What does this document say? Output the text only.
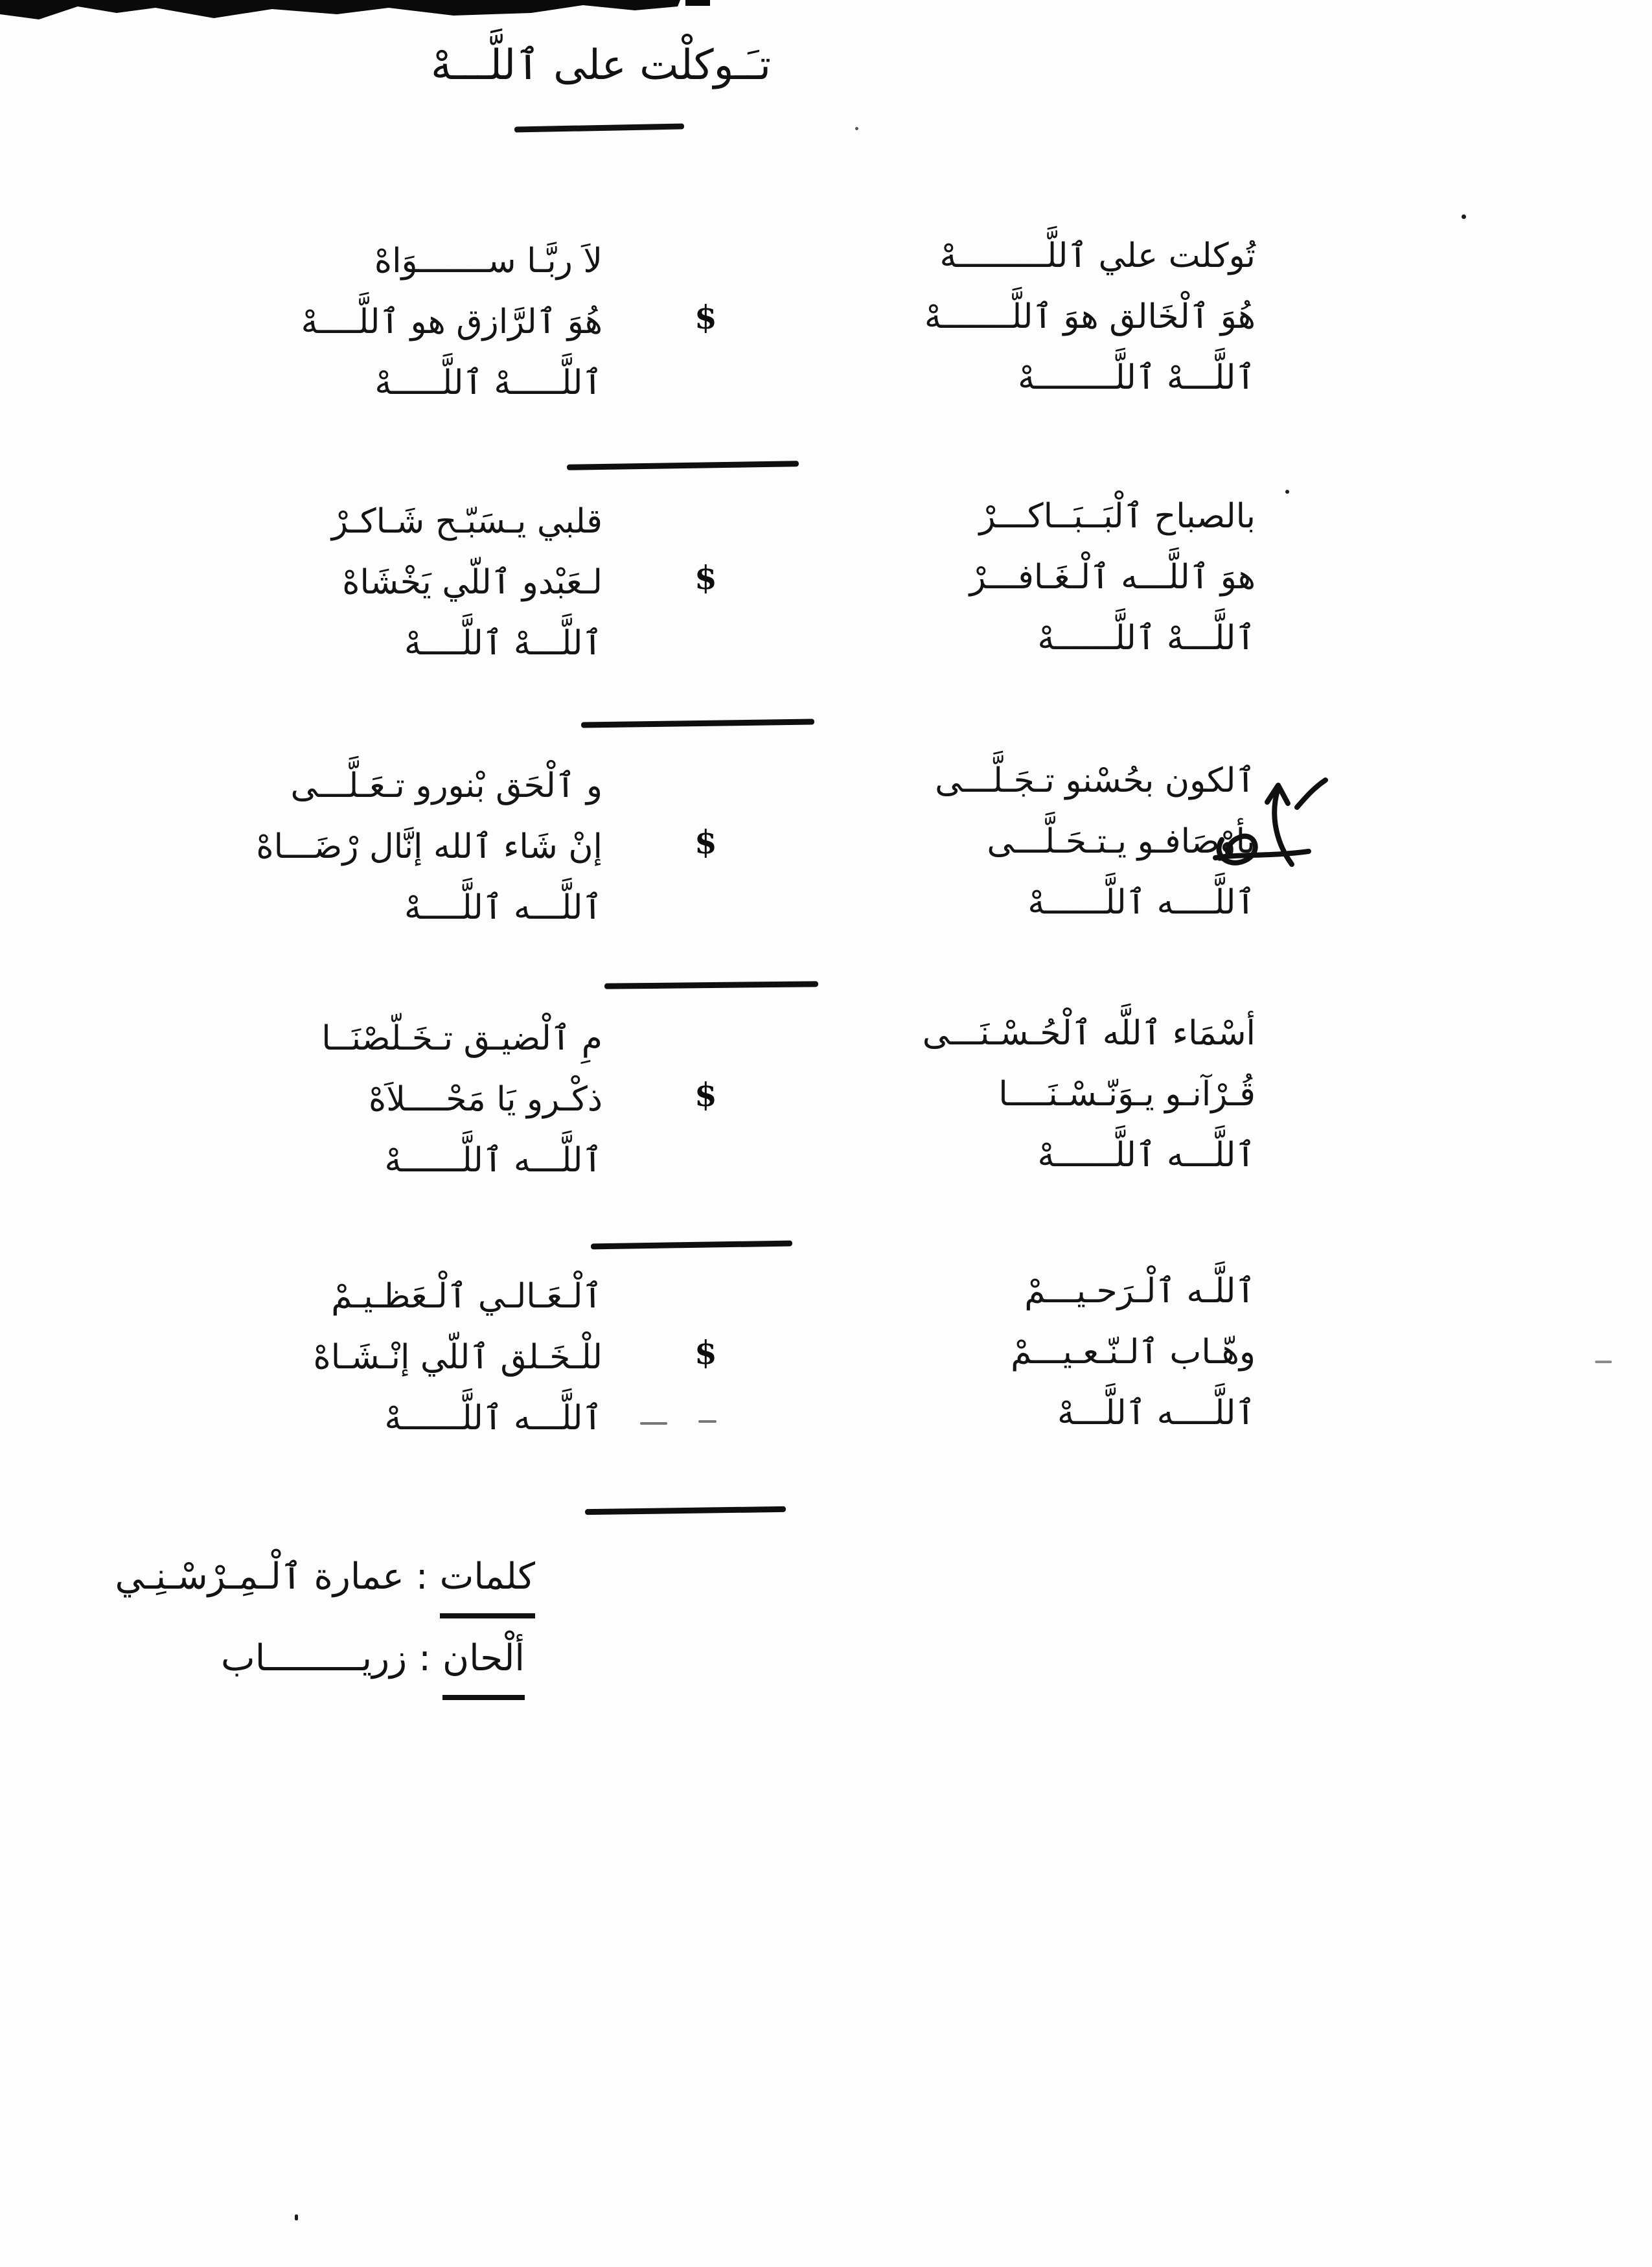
تـَـوكلْت على ٱللَّـــهْ
تُوكلت علي ٱللَّـــــــــهْ
هُوَ ٱلْخَالق هوَ ٱللَّـــــــهْ
ٱللَّـــهْ ٱللَّــــــــهْ
$
لاَ ربَّـا ســـــــوَاهْ
هُوَ ٱلرَّازق هو ٱللَّــــهْ
ٱللَّـــــهْ ٱللَّـــــهْ
بالصباح ٱلْبَــبَــاكـــرْ
هوَ ٱللَّـــه ٱلْـغَـافـــرْ
ٱللَّـــهْ ٱللَّــــــهْ
$
قلبي يـسَبّـح شَـاكـرْ
لـعَبْدو ٱللّي يَخْشَاهْ
ٱللَّـــهْ ٱللَّــــهْ
ٱلكون بحُسْنو تـجَـلَّـــى
بأوْصَافـو يـتـحَـلَّـــى
ٱللَّــــه ٱللَّــــــهْ
$
و ٱلْحَق بْنورو تـعَـلَّـــى
إنْ شَاء ٱلله إنَّال رْضَـــاهْ
ٱللَّـــه ٱللَّــــهْ
أسْمَاء ٱللَّه ٱلْحُـسْـنَـــى
قُـرْآنـو يـوَنّـسْـنَــــا
ٱللَّـــه ٱللَّــــــهْ
$
مِ ٱلْضيـق تـخَـلّصْنَــا
ذكْـرو يَا مَحْــــلاَهْ
ٱللَّـــه ٱللَّــــــهْ
ٱللَّـه ٱلْـرَحـيـــمْ
وهّـاب ٱلـنّـعـيـــمْ
ٱللَّــــه ٱللَّـــهْ
$
ٱلْـعَـالـي ٱلْـعَظـيـمْ
للْـخَـلق ٱللّي إنْـشَـاهْ
ٱللَّـــه ٱللَّــــــهْ
كلمات:عمارة ٱلْـمِـرْسْـنِـي
ألْحان:زريـــــــــاب
